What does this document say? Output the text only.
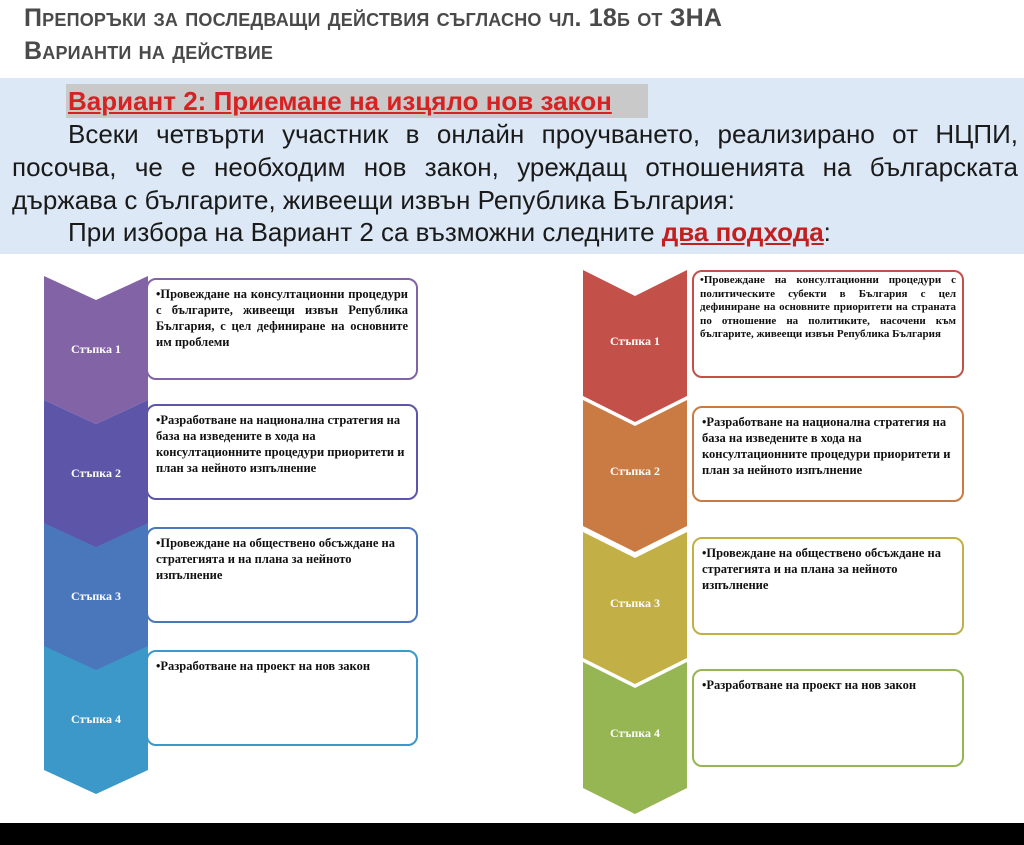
Препоръки за последващи действия съгласно чл. 18б от ЗНА
Варианти на действие
Вариант 2: Приемане на изцяло нов закон
Всеки четвърти участник в онлайн проучването, реализирано от НЦПИ, посочва, че е необходим нов закон, уреждащ отношенията на българската държава с българите, живеещи извън Република България:
При избора на Вариант 2 са възможни следните два подхода:
Стъпка 1
•Провеждане на консултационни процедури с българите, живеещи извън Република България, с цел дефиниране на основните им проблеми
Стъпка 2
•Разработване на национална стратегия на база на изведените в хода на консултационните процедури приоритети и план за нейното изпълнение
Стъпка 3
•Провеждане на обществено обсъждане на стратегията и на плана за нейното изпълнение
Стъпка 4
•Разработване на проект на нов закон
Стъпка 1
•Провеждане на консултационни процедури с политическите субекти в България с цел дефиниране на основните приоритети на страната по отношение на политиките, насочени към българите, живеещи извън Република България
Стъпка 2
•Разработване на национална стратегия на база на изведените в хода на консултационните процедури приоритети и план за нейното изпълнение
Стъпка 3
•Провеждане на обществено обсъждане на стратегията и на плана за нейното изпълнение
Стъпка 4
•Разработване на проект на нов закон
